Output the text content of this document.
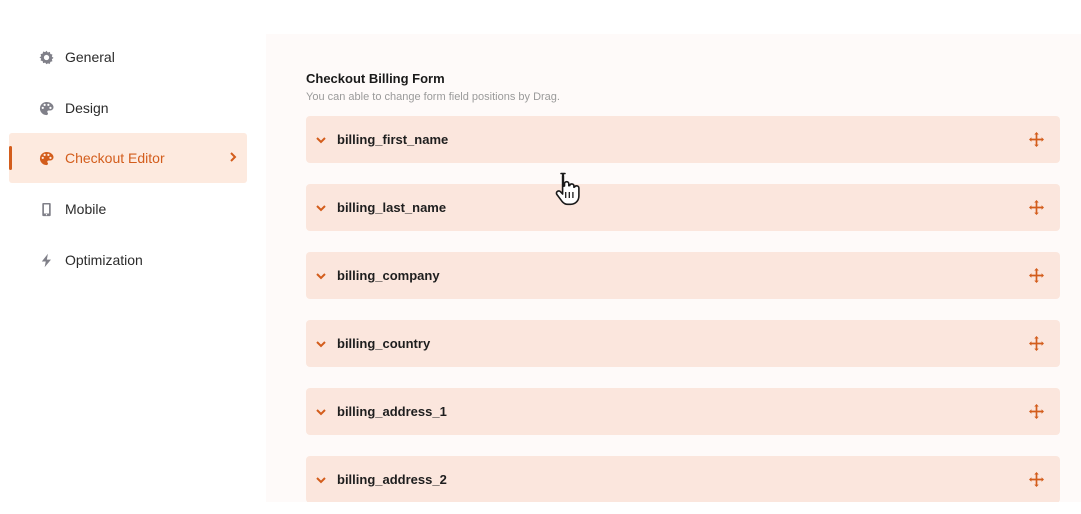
General
Design
Checkout Editor
Mobile
Optimization
Checkout Billing Form
You can able to change form field positions by Drag.
billing_first_name
billing_last_name
billing_company
billing_country
billing_address_1
billing_address_2
